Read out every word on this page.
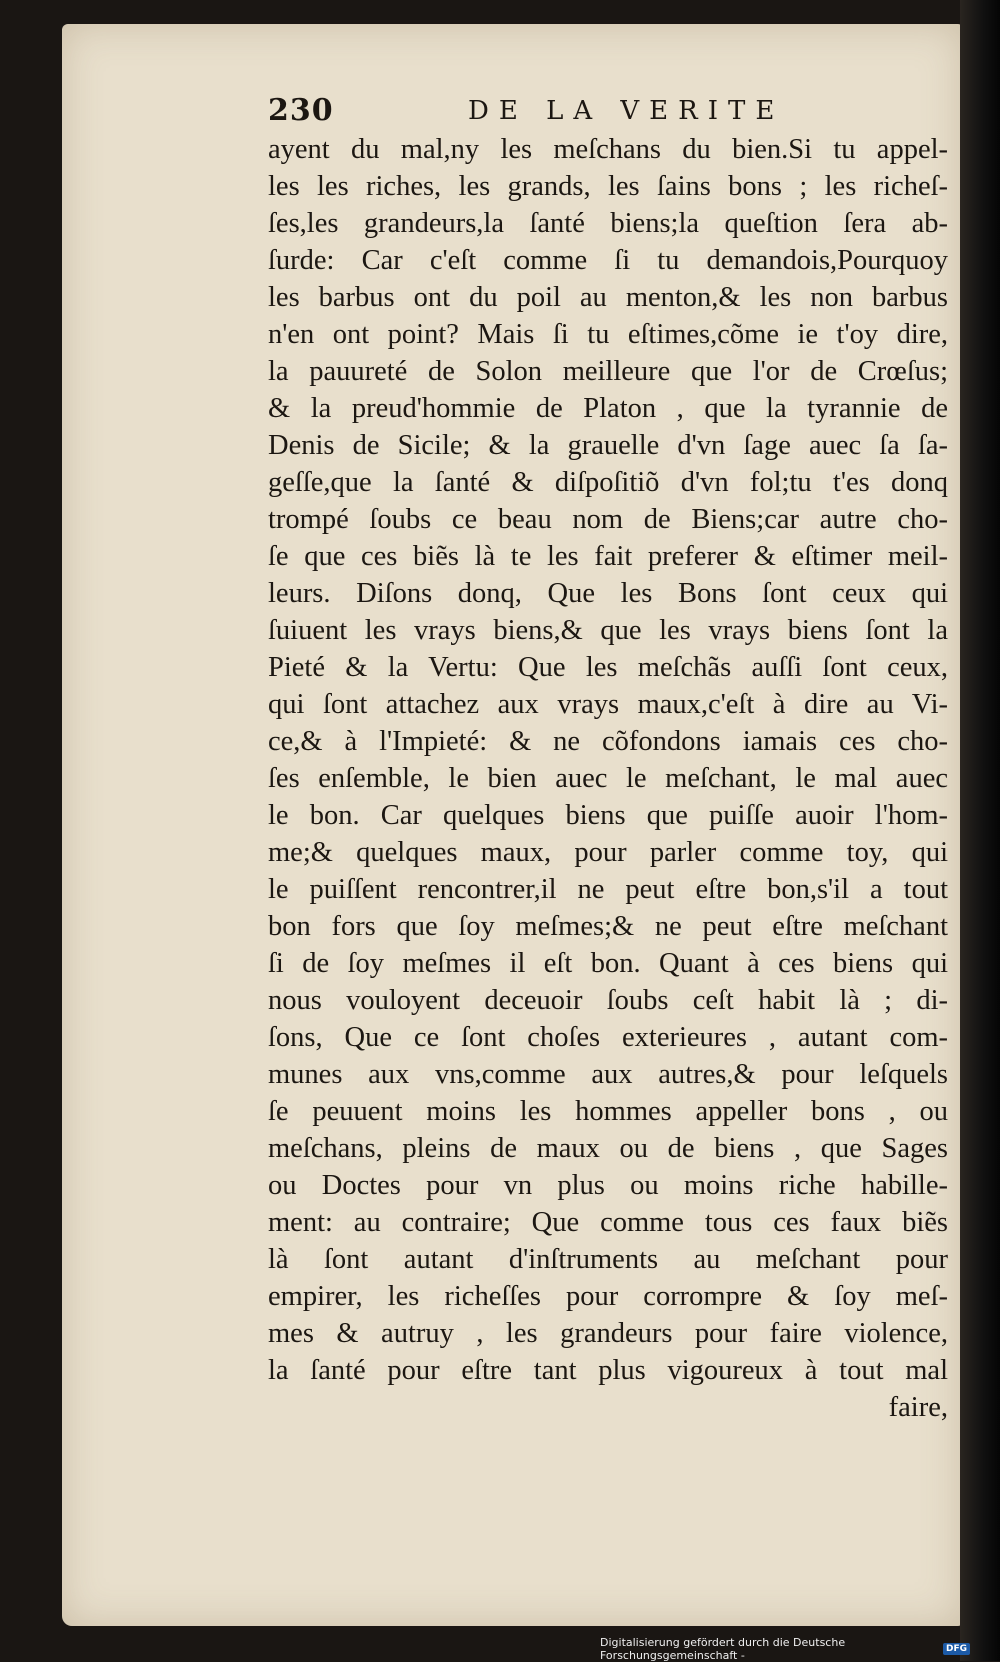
230	DE LA VERITE
ayent du mal,ny les meſchans du bien.Si tu appel-
les les riches, les grands, les ſains bons ; les richeſ-
ſes,les grandeurs,la ſanté biens;la queſtion ſera ab-
ſurde: Car c'eſt comme ſi tu demandois,Pourquoy
les barbus ont du poil au menton,& les non barbus
n'en ont point? Mais ſi tu eſtimes,cõme ie t'oy dire,
la pauureté de Solon meilleure que l'or de Crœſus;
& la preud'hommie de Platon , que la tyrannie de
Denis de Sicile; & la grauelle d'vn ſage auec ſa ſa-
geſſe,que la ſanté & diſpoſitiõ d'vn fol;tu t'es donq
trompé ſoubs ce beau nom de Biens;car autre cho-
ſe que ces biẽs là te les fait preferer & eſtimer meil-
leurs. Diſons donq, Que les Bons ſont ceux qui
ſuiuent les vrays biens,& que les vrays biens ſont la
Pieté & la Vertu: Que les meſchãs auſſi ſont ceux,
qui ſont attachez aux vrays maux,c'eſt à dire au Vi-
ce,& à l'Impieté: & ne cõfondons iamais ces cho-
ſes enſemble, le bien auec le meſchant, le mal auec
le bon. Car quelques biens que puiſſe auoir l'hom-
me;& quelques maux, pour parler comme toy, qui
le puiſſent rencontrer,il ne peut eſtre bon,s'il a tout
bon fors que ſoy meſmes;& ne peut eſtre meſchant
ſi de ſoy meſmes il eſt bon. Quant à ces biens qui
nous vouloyent deceuoir ſoubs ceſt habit là ; di-
ſons, Que ce ſont choſes exterieures , autant com-
munes aux vns,comme aux autres,& pour leſquels
ſe peuuent moins les hommes appeller bons , ou
meſchans, pleins de maux ou de biens , que Sages
ou Doctes pour vn plus ou moins riche habille-
ment: au contraire; Que comme tous ces faux biẽs
là ſont autant d'inſtruments au meſchant pour
empirer, les richeſſes pour corrompre & ſoy meſ-
mes & autruy , les grandeurs pour faire violence,
la ſanté pour eſtre tant plus vigoureux à tout mal
faire,
Digitalisierung gefördert durch die Deutsche Forschungsgemeinschaft -	DFG
